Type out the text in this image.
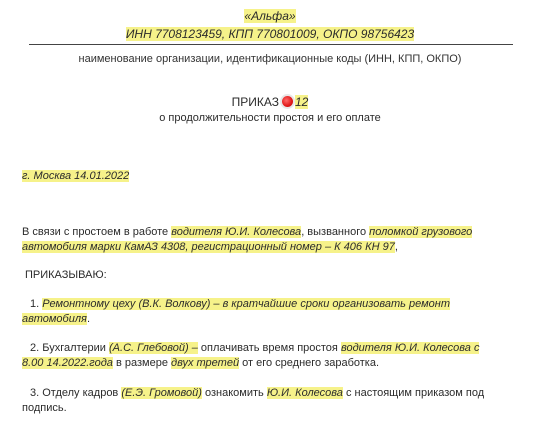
«Альфа»
ИНН 7708123459, КПП 770801009, ОКПО 98756423
наименование организации, идентификационные коды (ИНН, КПП, ОКПО)
ПРИКАЗ 12
о продолжительности простоя и его оплате
г. Москва 14.01.2022
В связи с простоем в работе водителя Ю.И. Колесова, вызванного поломкой грузового автомобиля марки КамАЗ 4308, регистрационный номер – К 406 КН 97,
ПРИКАЗЫВАЮ:
1. Ремонтному цеху (В.К. Волкову) – в кратчайшие сроки организовать ремонт автомобиля.
2. Бухгалтерии (А.С. Глебовой) – оплачивать время простоя водителя Ю.И. Колесова с 8.00 14.2022.года в размере двух третей от его среднего заработка.
3. Отделу кадров (Е.Э. Громовой) ознакомить Ю.И. Колесова с настоящим приказом под подпись.
